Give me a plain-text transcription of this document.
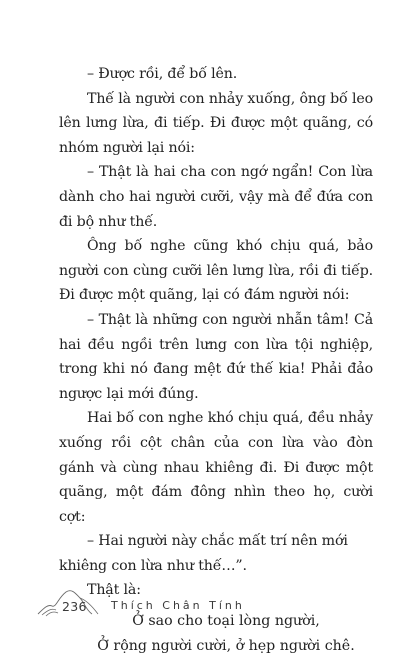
– Được rồi, để bố lên.

Thế là người con nhảy xuống, ông bố leo lên lưng lừa, đi tiếp. Đi được một quãng, có nhóm người lại nói:

– Thật là hai cha con ngớ ngẩn! Con lừa dành cho hai người cưỡi, vậy mà để đứa con đi bộ như thế.

Ông bố nghe cũng khó chịu quá, bảo người con cùng cưỡi lên lưng lừa, rồi đi tiếp. Đi được một quãng, lại có đám người nói:

– Thật là những con người nhẫn tâm! Cả hai đều ngồi trên lưng con lừa tội nghiệp, trong khi nó đang mệt đứ thế kia! Phải đảo ngược lại mới đúng.

Hai bố con nghe khó chịu quá, đều nhảy xuống rồi cột chân của con lừa vào đòn gánh và cùng nhau khiêng đi. Đi được một quãng, một đám đông nhìn theo họ, cười cợt:

– Hai người này chắc mất trí nên mới khiêng con lừa như thế…”.

Thật là:

Ở sao cho toại lòng người,
Ở rộng người cười, ở hẹp người chê.
236 Thích Chân Tính
